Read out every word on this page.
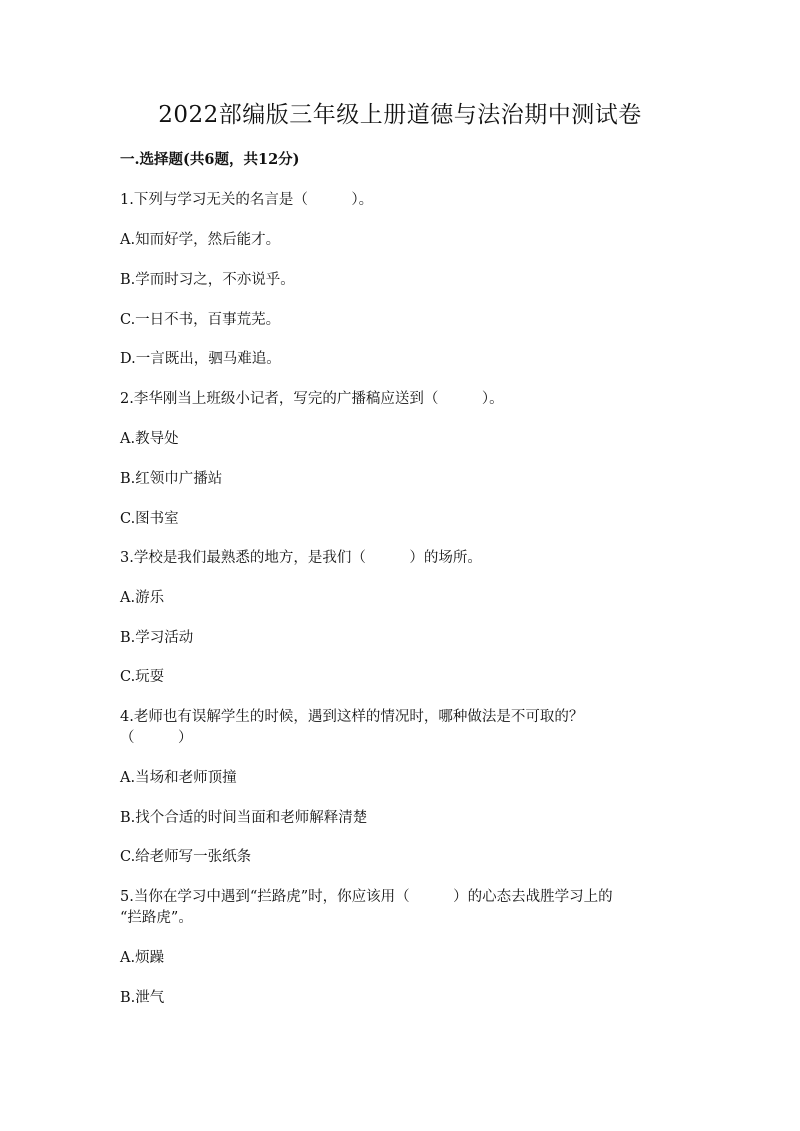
2022部编版三年级上册道德与法治期中测试卷
一.选择题(共6题，共12分)
1.下列与学习无关的名言是（　　　）。
A.知而好学，然后能才。
B.学而时习之，不亦说乎。
C.一日不书，百事荒芜。
D.一言既出，驷马难追。
2.李华刚当上班级小记者，写完的广播稿应送到（　　　）。
A.教导处
B.红领巾广播站
C.图书室
3.学校是我们最熟悉的地方，是我们（　　　）的场所。
A.游乐
B.学习活动
C.玩耍
4.老师也有误解学生的时候，遇到这样的情况时，哪种做法是不可取的？
（　　　）
A.当场和老师顶撞
B.找个合适的时间当面和老师解释清楚
C.给老师写一张纸条
5.当你在学习中遇到“拦路虎”时，你应该用（　　　）的心态去战胜学习上的
“拦路虎”。
A.烦躁
B.泄气
